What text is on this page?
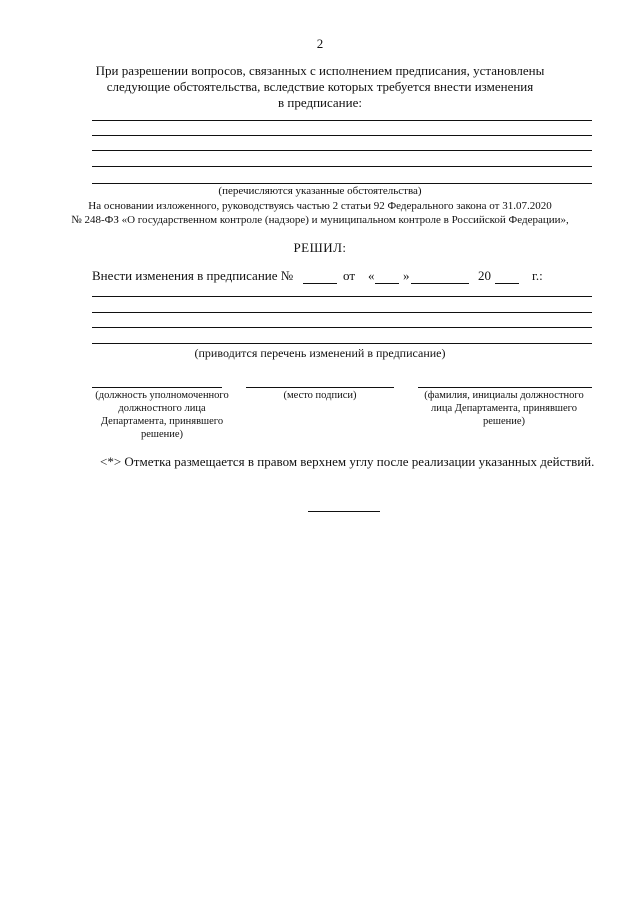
2
При разрешении вопросов, связанных с исполнением предписания, установлены
следующие обстоятельства, вследствие которых требуется внести изменения
в предписание:
(перечисляются указанные обстоятельства)
На основании изложенного, руководствуясь частью 2 статьи 92 Федерального закона от 31.07.2020
№ 248-ФЗ «О государственном контроле (надзоре) и муниципальном контроле в Российской Федерации»,
РЕШИЛ:
Внести изменения в предписание №	от « »	20	г.:
(приводится перечень изменений в предписание)
(должность уполномоченного
должностного лица
Департамента, принявшего
решение)
(место подписи)	(фамилия, инициалы должностного
лица Департамента, принявшего
решение)
<*> Отметка размещается в правом верхнем углу после реализации указанных действий.
